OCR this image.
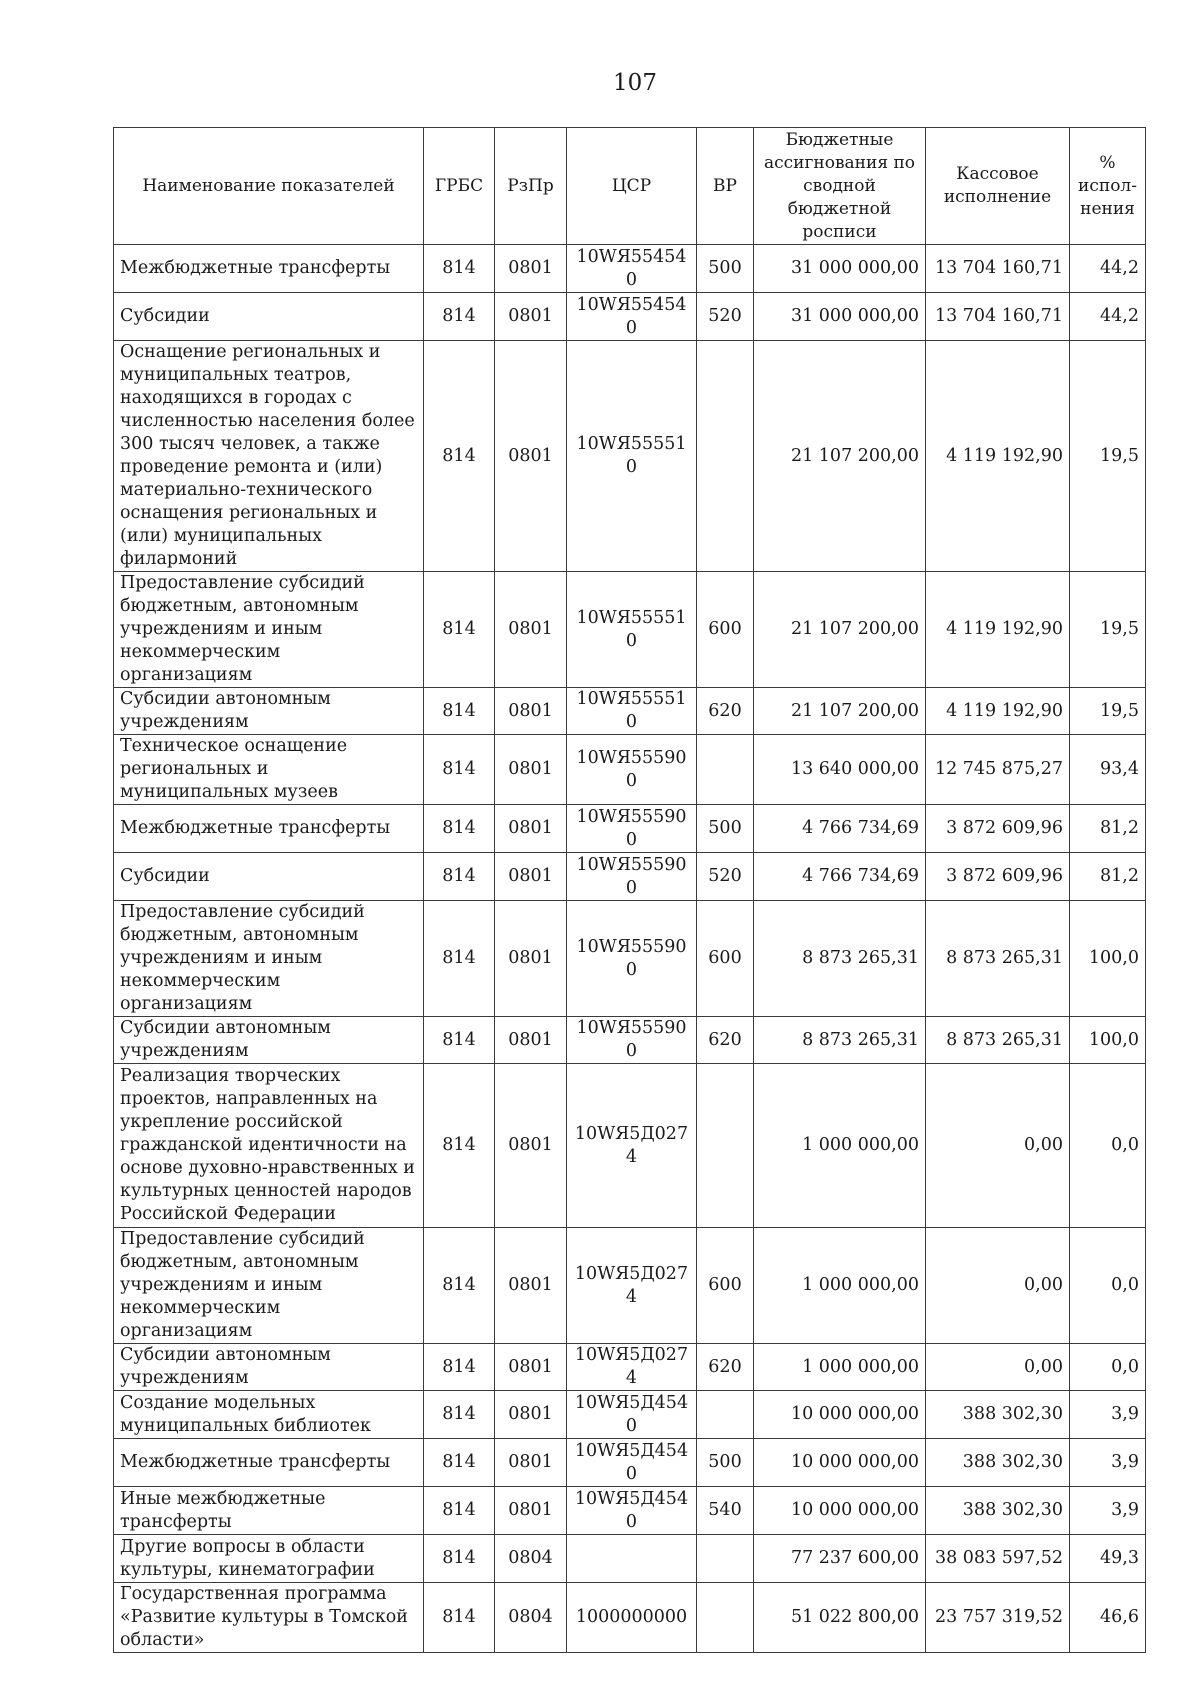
107
Наименование показателей	ГРБС	РзПр	ЦСР	ВР	Бюджетные ассигнования по сводной бюджетной росписи	Кассовое исполнение	% испол- нения
Межбюджетные трансферты	814	0801	10WЯ554540	500	31 000 000,00	13 704 160,71	44,2
Субсидии	814	0801	10WЯ554540	520	31 000 000,00	13 704 160,71	44,2
Оснащение региональных и муниципальных театров, находящихся в городах с численностью населения более 300 тысяч человек, а также проведение ремонта и (или) материально-технического оснащения региональных и (или) муниципальных филармоний	814	0801	10WЯ555510		21 107 200,00	4 119 192,90	19,5
Предоставление субсидий бюджетным, автономным учреждениям и иным некоммерческим организациям	814	0801	10WЯ555510	600	21 107 200,00	4 119 192,90	19,5
Субсидии автономным учреждениям	814	0801	10WЯ555510	620	21 107 200,00	4 119 192,90	19,5
Техническое оснащение региональных и муниципальных музеев	814	0801	10WЯ555900		13 640 000,00	12 745 875,27	93,4
Межбюджетные трансферты	814	0801	10WЯ555900	500	4 766 734,69	3 872 609,96	81,2
Субсидии	814	0801	10WЯ555900	520	4 766 734,69	3 872 609,96	81,2
Предоставление субсидий бюджетным, автономным учреждениям и иным некоммерческим организациям	814	0801	10WЯ555900	600	8 873 265,31	8 873 265,31	100,0
Субсидии автономным учреждениям	814	0801	10WЯ555900	620	8 873 265,31	8 873 265,31	100,0
Реализация творческих проектов, направленных на укрепление российской гражданской идентичности на основе духовно-нравственных и культурных ценностей народов Российской Федерации	814	0801	10WЯ5Д0274		1 000 000,00	0,00	0,0
Предоставление субсидий бюджетным, автономным учреждениям и иным некоммерческим организациям	814	0801	10WЯ5Д0274	600	1 000 000,00	0,00	0,0
Субсидии автономным учреждениям	814	0801	10WЯ5Д0274	620	1 000 000,00	0,00	0,0
Создание модельных муниципальных библиотек	814	0801	10WЯ5Д4540		10 000 000,00	388 302,30	3,9
Межбюджетные трансферты	814	0801	10WЯ5Д4540	500	10 000 000,00	388 302,30	3,9
Иные межбюджетные трансферты	814	0801	10WЯ5Д4540	540	10 000 000,00	388 302,30	3,9
Другие вопросы в области культуры, кинематографии	814	0804			77 237 600,00	38 083 597,52	49,3
Государственная программа «Развитие культуры в Томской области»	814	0804	1000000000		51 022 800,00	23 757 319,52	46,6
